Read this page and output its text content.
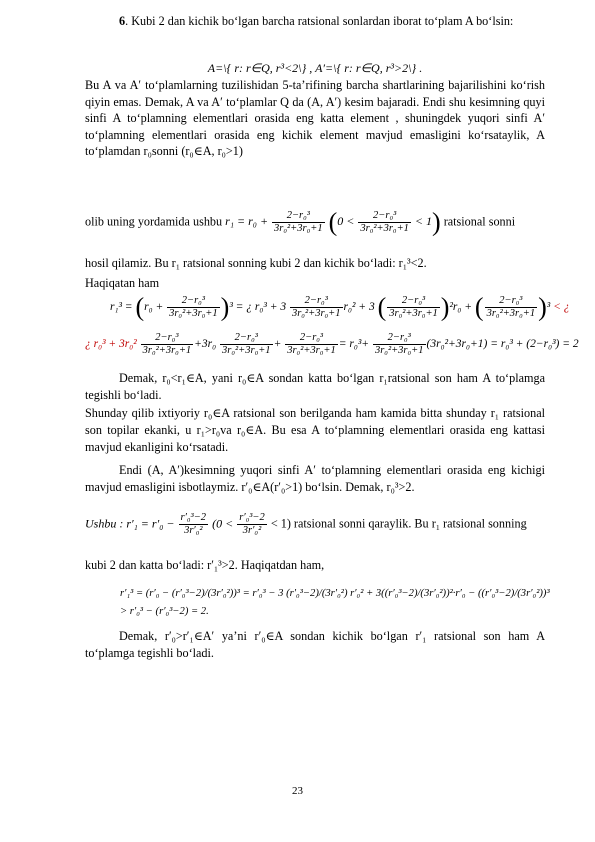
6. Kubi 2 dan kichik bo‘lgan barcha ratsional sonlardan iborat to‘plam A bo‘lsin:
A=\{ r: r∈Q, r³<2\} , A′=\{ r: r∈Q, r³>2\} .
Bu A va A′ to‘plamlarning tuzilishidan 5-ta’rifining barcha shartlarining bajarilishini ko‘rish qiyin emas. Demak, A va A′ to‘plamlar Q da (A, A′) kesim bajaradi. Endi shu kesimning quyi sinfi A to‘plamning elementlari orasida eng katta element , shuningdek yuqori sinfi A′ to‘plamning elementlari orasida eng kichik element mavjud emasligini ko‘rsataylik, A to‘plamdan r₀sonni (r₀∈A, r₀>1)
olib uning yordamida ushbu $r_1 = r_0 + \frac{\text{2−r₀³}}{\text{3r₀²+3r₀+1}} (0 < \frac{\text{2−r₀³}}{\text{3r₀²+3r₀+1}} < 1)$ ratsional sonni
hosil qilamiz. Bu r₁ ratsional sonning kubi 2 dan kichik bo‘ladi: r₁³<2.
Haqiqatan ham
$r_1^3 = (r_0 + \frac{\text{2−r₀³}}{\text{3r₀²+3r₀+1}} )^3$ = ¿ $r_0^3 + 3 \frac{\text{2−r₀³}}{\text{3r₀²+3r₀+1}} r_0^2 + 3$ ( $\frac{\text{2−r₀³}}{\text{3r₀²+3r₀+1}} )^2r_0$ + ( $\frac{\text{2−r₀³}}{\text{3r₀²+3r₀+1}} )^3$ < ¿
¿ $r_0^3 + 3r_0^2 \frac{\text{2−r₀³}}{\text{3r₀²+3r₀+1}} +3r_0 \frac{\text{2−r₀³}}{\text{3r₀²+3r₀+1}} + \frac{\text{2−r₀³}}{\text{3r₀²+3r₀+1}} = r_0^3+ \frac{\text{2−r₀³}}{\text{3r₀²+3r₀+1}} (3r_0^2+3r_0+1) = r_0^3 + (2-r_0^3) = 2$
Demak, r₀<r₁∈A, yani r₀∈A sondan katta bo‘lgan r₁ratsional son ham A to‘plamga tegishli bo‘ladi.
Shunday qilib ixtiyoriy r₀∈A ratsional son berilganda ham kamida bitta shunday r₁ ratsional son topilar ekanki, u r₁>r₀va r₀∈A. Bu esa A to‘plamning elementlari orasida eng kattasi mavjud ekanligini ko‘rsatadi.
Endi (A, A′)kesimning yuqori sinfi A′ to‘plamning elementlari orasida eng kichigi mavjud emasligini isbotlaymiz. r′₀∈A(r′₀>1) bo‘lsin. Demak, r₀³>2.
Ushbu : $r'_1 = r'_0 - \frac{\text{r′₀³−2}}{\text{3r′₀²}} (0 < \frac{\text{r′₀³−2}}{\text{3r′₀²}} < 1)$ ratsional sonni qaraylik. Bu r₁ ratsional sonning
kubi 2 dan katta bo‘ladi: r′₁³>2. Haqiqatdan ham,
r′₁³ = (r′₀ − (r′₀³−2)/(3r′₀²))³ = r′₀³ − 3 (r′₀³−2)/(3r′₀²) r′₀² + 3((r′₀³−2)/(3r′₀²))²·r′₀ − ((r′₀³−2)/(3r′₀²))³ > r′₀³ − (r′₀³−2) = 2.
Demak, r′₀>r′₁∈A′ ya’ni r′₀∈A sondan kichik bo‘lgan r′₁ ratsional son ham A to‘plamga tegishli bo‘ladi.
23
